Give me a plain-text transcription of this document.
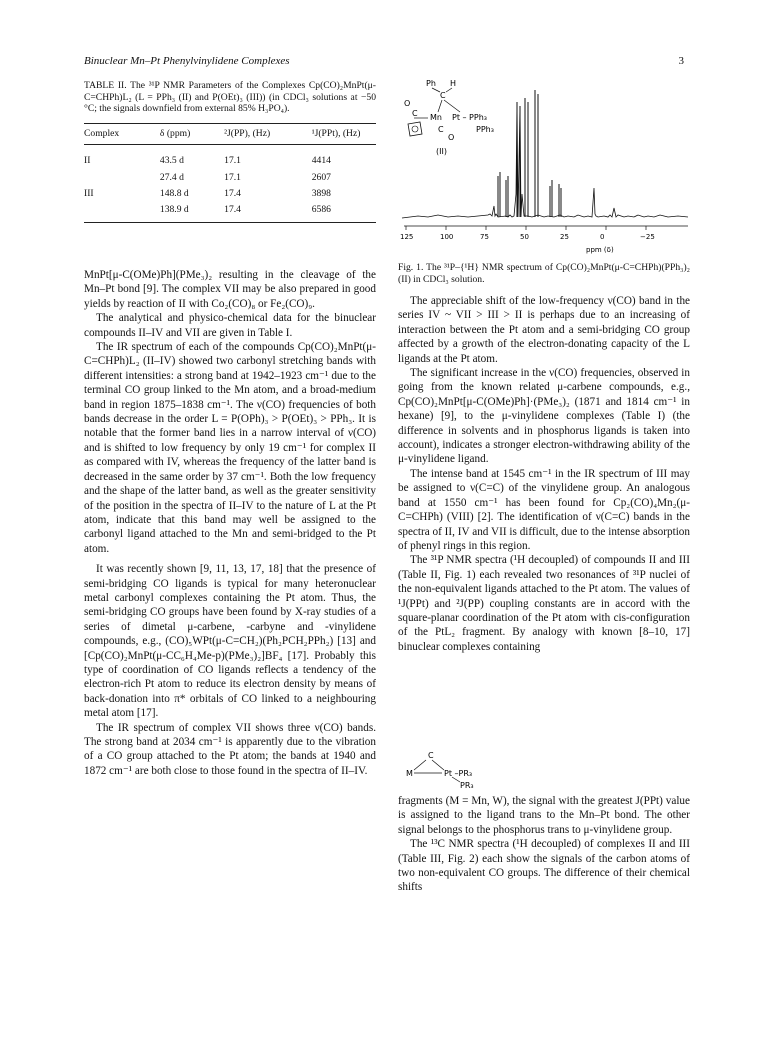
Binuclear Mn–Pt Phenylvinylidene Complexes	3
TABLE II. The ³¹P NMR Parameters of the Complexes Cp(CO)₂MnPt(μ-C=CHPh)L₂ (L = PPh₃ (II) and P(OEt)₃ (III)) (in CDCl₃ solutions at −50 °C; the signals downfield from external 85% H₃PO₄).
Complex	δ (ppm)	²J(PP), (Hz)	¹J(PPt), (Hz)

II	43.5 d	17.1	4414
	27.4 d	17.1	2607
III	148.8 d	17.4	3898
	138.9 d	17.4	6586

MnPt[μ-C(OMe)Ph](PMe₃)₂ resulting in the cleavage of the Mn–Pt bond [9]. The complex VII may be also prepared in good yields by reaction of II with Co₂(CO)₈ or Fe₂(CO)₉.

The analytical and physico-chemical data for the binuclear compounds II–IV and VII are given in Table I.

The IR spectrum of each of the compounds Cp(CO)₂MnPt(μ-C=CHPh)L₂ (II–IV) showed two carbonyl stretching bands with different intensities: a strong band at 1942–1923 cm⁻¹ due to the terminal CO group linked to the Mn atom, and a broad-medium band in region 1875–1838 cm⁻¹. The ν(CO) frequencies of both bands decrease in the order L = P(OPh)₃ > P(OEt)₃ > PPh₃. It is notable that the former band lies in a narrow interval of ν(CO) and is shifted to low frequency by only 19 cm⁻¹ for complex II as compared with IV, whereas the frequency of the latter band is decreased in the same order by 37 cm⁻¹. Both the low frequency and the shape of the latter band, as well as the greater sensitivity of the position in the spectra of II–IV to the nature of L at the Pt atom, indicate that this band may well be assigned to the carbonyl ligand attached to the Mn and semi-bridged to the Pt atom.

It was recently shown [9, 11, 13, 17, 18] that the presence of semi-bridging CO ligands is typical for many heteronuclear metal carbonyl complexes containing the Pt atom. Thus, the semi-bridging CO groups have been found by X-ray studies of a series of dimetal μ-carbene, -carbyne and -vinylidene compounds, e.g., (CO)₅WPt(μ-C=CH₂)(Ph₂PCH₂PPh₂) [13] and [Cp(CO)₂MnPt(μ-CC₆H₄Me-p)(PMe₃)₂]BF₄ [17]. Probably this type of coordination of CO ligands reflects a tendency of the electron-rich Pt atom to reduce its electron density by means of back-donation into π* orbitals of CO linked to a neighbouring metal atom [17].

The IR spectrum of complex VII shows three ν(CO) bands. The strong band at 2034 cm⁻¹ is apparently due to the vibration of a CO group attached to the Pt atom; the bands at 1940 and 1872 cm⁻¹ are both close to those found in the spectra of II–IV.

Ph H
C
O
C Mn Pt – PPh₃
PPh₃
C
O
(II)
125	100	75	50	25	0	−25
ppm (δ)
Fig. 1. The ³¹P–{¹H} NMR spectrum of Cp(CO)₂MnPt(μ-C=CHPh)(PPh₃)₂ (II) in CDCl₃ solution.

The appreciable shift of the low-frequency ν(CO) band in the series IV ~ VII > III > II is perhaps due to an increasing of interaction between the Pt atom and a semi-bridging CO group affected by a growth of the electron-donating capacity of the L ligands at the Pt atom.

The significant increase in the ν(CO) frequencies, observed in going from the known related μ-carbene compounds, e.g., Cp(CO)₂MnPt[μ-C(OMe)Ph]·(PMe₃)₂ (1871 and 1814 cm⁻¹ in hexane) [9], to the μ-vinylidene complexes (Table I) (the difference in solvents and in phosphorus ligands is taken into account), indicates a stronger electron-withdrawing ability of the μ-vinylidene ligand.

The intense band at 1545 cm⁻¹ in the IR spectrum of III may be assigned to ν(C=C) of the vinylidene group. An analogous band at 1550 cm⁻¹ has been found for Cp₂(CO)₄Mn₂(μ-C=CHPh) (VIII) [2]. The identification of ν(C=C) bands in the spectra of II, IV and VII is difficult, due to the intense absorption of phenyl rings in this region.

The ³¹P NMR spectra (¹H decoupled) of compounds II and III (Table II, Fig. 1) each revealed two resonances of ³¹P nuclei of the non-equivalent ligands attached to the Pt atom. The values of ¹J(PPt) and ²J(PP) coupling constants are in accord with the square-planar coordination of the Pt atom with cis-configuration of the PtL₂ fragment. By analogy with known [8–10, 17] binuclear complexes containing

C
M	Pt –PR₃
PR₃

fragments (M = Mn, W), the signal with the greatest J(PPt) value is assigned to the ligand trans to the Mn–Pt bond. The other signal belongs to the phosphorus trans to μ-vinylidene group.

The ¹³C NMR spectra (¹H decoupled) of complexes II and III (Table III, Fig. 2) each show the signals of the carbon atoms of two non-equivalent CO groups. The difference of their chemical shifts
